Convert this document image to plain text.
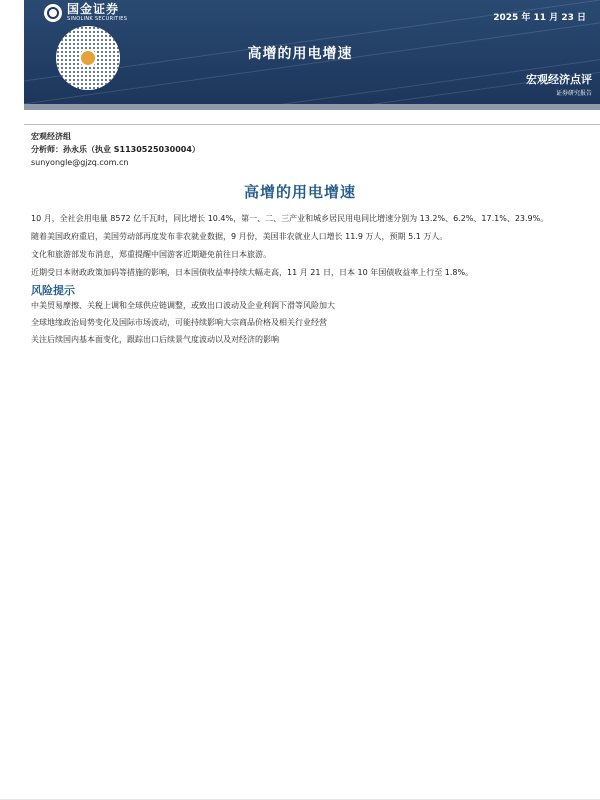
国金证券
SINOLINK SECURITIES	2025 年 11 月 23 日
高增的用电增速
宏观经济点评
证券研究报告
宏观经济组
分析师：孙永乐（执业 S1130525030004）
sunyongle@gjzq.com.cn
高增的用电增速

10 月，全社会用电量 8572 亿千瓦时，同比增长 10.4%，第一、二、三产业和城乡居民用电同比增速分别为 13.2%、6.2%、17.1%、23.9%。

随着美国政府重启，美国劳动部再度发布非农就业数据，9 月份，美国非农就业人口增长 11.9 万人，预期 5.1 万人。

文化和旅游部发布消息，郑重提醒中国游客近期避免前往日本旅游。

近期受日本财政政策加码等措施的影响，日本国债收益率持续大幅走高，11 月 21 日，日本 10 年国债收益率上行至 1.8%。

风险提示

中美贸易摩擦、关税上调和全球供应链调整，或致出口波动及企业利润下滑等风险加大

全球地缘政治局势变化及国际市场波动，可能持续影响大宗商品价格及相关行业经营

关注后续国内基本面变化，跟踪出口后续景气度波动以及对经济的影响
